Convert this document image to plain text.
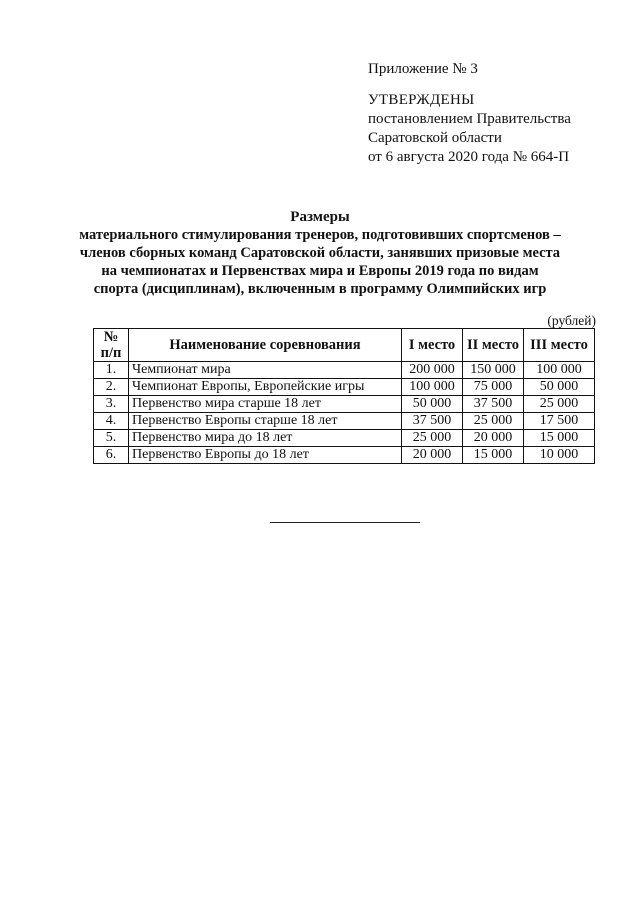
Приложение № 3
УТВЕРЖДЕНЫ
постановлением Правительства
Саратовской области
от 6 августа 2020 года № 664-П
Размеры
материального стимулирования тренеров, подготовивших спортсменов –
членов сборных команд Саратовской области, занявших призовые места
на чемпионатах и Первенствах мира и Европы 2019 года по видам
спорта (дисциплинам), включенным в программу Олимпийских игр
(рублей)
№ п/п	Наименование соревнования	I место	II место	III место
1.	Чемпионат мира	200 000	150 000	100 000
2.	Чемпионат Европы, Европейские игры	100 000	75 000	50 000
3.	Первенство мира старше 18 лет	50 000	37 500	25 000
4.	Первенство Европы старше 18 лет	37 500	25 000	17 500
5.	Первенство мира до 18 лет	25 000	20 000	15 000
6.	Первенство Европы до 18 лет	20 000	15 000	10 000
